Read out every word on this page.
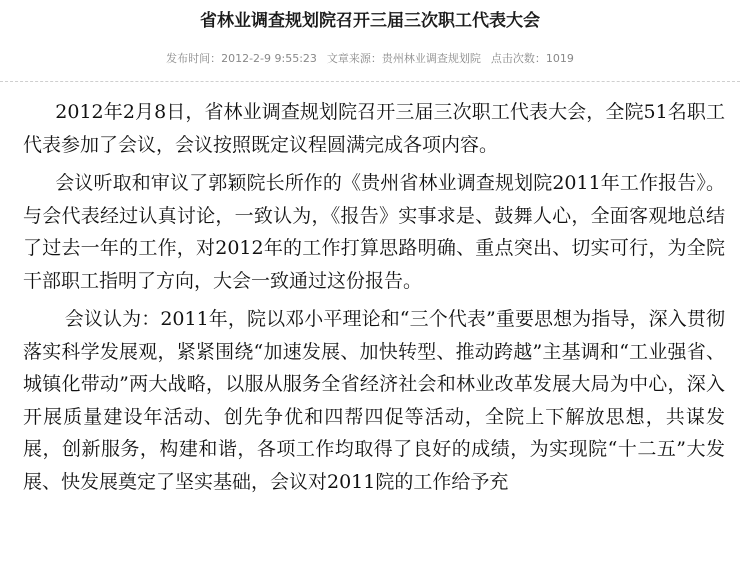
省林业调查规划院召开三届三次职工代表大会
发布时间：2012-2-9 9:55:23 文章来源：贵州林业调查规划院 点击次数：1019

2012年2月8日，省林业调查规划院召开三届三次职工代表大会，全院51名职工代表参加了会议，会议按照既定议程圆满完成各项内容。

会议听取和审议了郭颖院长所作的《贵州省林业调查规划院2011年工作报告》。与会代表经过认真讨论，一致认为，《报告》实事求是、鼓舞人心，全面客观地总结了过去一年的工作，对2012年的工作打算思路明确、重点突出、切实可行，为全院干部职工指明了方向，大会一致通过这份报告。

会议认为：2011年，院以邓小平理论和“三个代表”重要思想为指导，深入贯彻落实科学发展观，紧紧围绕“加速发展、加快转型、推动跨越”主基调和“工业强省、城镇化带动”两大战略，以服从服务全省经济社会和林业改革发展大局为中心，深入开展质量建设年活动、创先争优和四帮四促等活动，全院上下解放思想，共谋发展，创新服务，构建和谐，各项工作均取得了良好的成绩，为实现院“十二五”大发展、快发展奠定了坚实基础，会议对2011院的工作给予充
